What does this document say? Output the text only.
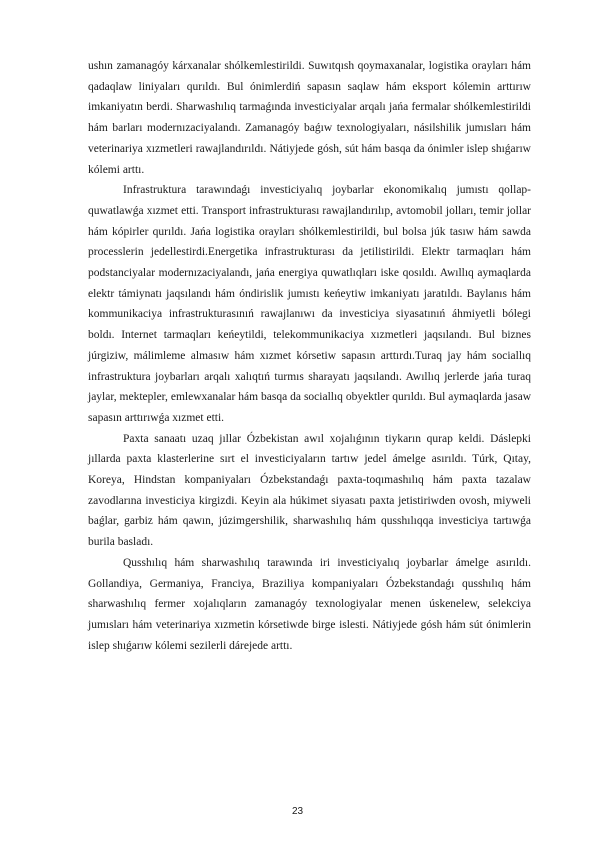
ushın zamanagóy kárxanalar shólkemlestirildi. Suwıtqısh qoymaxanalar, logistika orayları hám qadaqlaw liniyaları qurıldı. Bul ónimlerdiń sapasın saqlaw hám eksport kólemin arttırıw imkaniyatın berdi. Sharwashılıq tarmaǵında investiciyalar arqalı jańa fermalar shólkemlestirildi hám barları modernızaciyalandı. Zamanagóy baǵıw texnologiyaları, násilshilik jumısları hám veterinariya xızmetleri rawajlandırıldı. Nátiyjede gósh, sút hám basqa da ónimler islep shıǵarıw kólemi arttı.

Infrastruktura tarawındaǵı investiciyalıq joybarlar ekonomikalıq jumıstı qollap-quwatlawǵa xızmet etti. Transport infrastrukturası rawajlandırılıp, avtomobil jolları, temir jollar hám kópirler qurıldı. Jańa logistika orayları shólkemlestirildi, bul bolsa júk tasıw hám sawda processlerin jedellestirdi.Energetika infrastrukturası da jetilistirildi. Elektr tarmaqları hám podstanciyalar modernızaciyalandı, jańa energiya quwatlıqları iske qosıldı. Awıllıq aymaqlarda elektr támiynatı jaqsılandı hám óndirislik jumıstı keńeytiw imkaniyatı jaratıldı. Baylanıs hám kommunikaciya infrastrukturasınıń rawajlanıwı da investiciya siyasatınıń áhmiyetli bólegi boldı. Internet tarmaqları keńeytildi, telekommunikaciya xızmetleri jaqsılandı. Bul biznes júrgiziw, málimleme almasıw hám xızmet kórsetiw sapasın arttırdı.Turaq jay hám sociallıq infrastruktura joybarları arqalı xalıqtıń turmıs sharayatı jaqsılandı. Awıllıq jerlerde jańa turaq jaylar, mektepler, emlewxanalar hám basqa da sociallıq obyektler qurıldı. Bul aymaqlarda jasaw sapasın arttırıwǵa xızmet etti.

Paxta sanaatı uzaq jıllar Ózbekistan awıl xojalıǵının tiykarın qurap keldi. Dáslepki jıllarda paxta klasterlerine sırt el investiciyaların tartıw jedel ámelge asırıldı. Túrk, Qıtay, Koreya, Hindstan kompaniyaları Ózbekstandaǵı paxta-toqımashılıq hám paxta tazalaw zavodlarına investiciya kirgizdi. Keyin ala húkimet siyasatı paxta jetistiriwden ovosh, miyweli baǵlar, garbiz hám qawın, júzimgershilik, sharwashılıq hám qusshılıqqa investiciya tartıwǵa burila basladı.

Qusshılıq hám sharwashılıq tarawında iri investiciyalıq joybarlar ámelge asırıldı. Gollandiya, Germaniya, Franciya, Braziliya kompaniyaları Ózbekstandaǵı qusshılıq hám sharwashılıq fermer xojalıqların zamanagóy texnologiyalar menen úskenelew, selekciya jumısları hám veterinariya xızmetin kórsetiwde birge islesti. Nátiyjede gósh hám sút ónimlerin islep shıǵarıw kólemi sezilerli dárejede arttı.

23
